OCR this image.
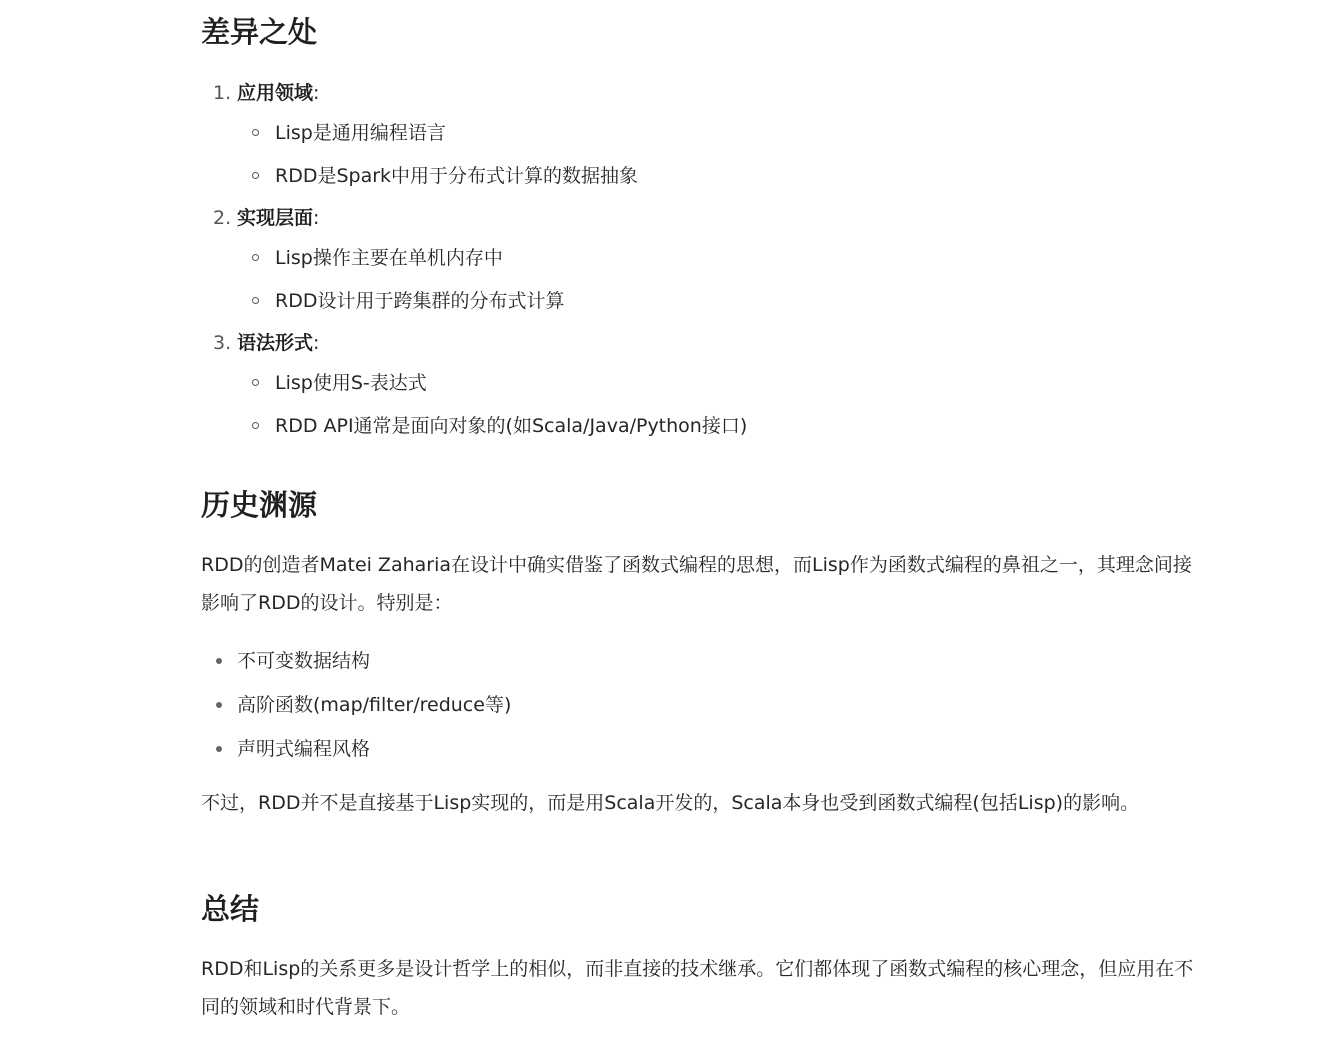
差异之处
1. 应用领域:
Lisp是通用编程语言
RDD是Spark中用于分布式计算的数据抽象
2. 实现层面:
Lisp操作主要在单机内存中
RDD设计用于跨集群的分布式计算
3. 语法形式:
Lisp使用S-表达式
RDD API通常是面向对象的(如Scala/Java/Python接口)
历史渊源

RDD的创造者Matei Zaharia在设计中确实借鉴了函数式编程的思想，而Lisp作为函数式编程的鼻祖之一，其理念间接影响了RDD的设计。特别是：

不可变数据结构
高阶函数(map/filter/reduce等)
声明式编程风格

不过，RDD并不是直接基于Lisp实现的，而是用Scala开发的，Scala本身也受到函数式编程(包括Lisp)的影响。

总结

RDD和Lisp的关系更多是设计哲学上的相似，而非直接的技术继承。它们都体现了函数式编程的核心理念，但应用在不同的领域和时代背景下。
